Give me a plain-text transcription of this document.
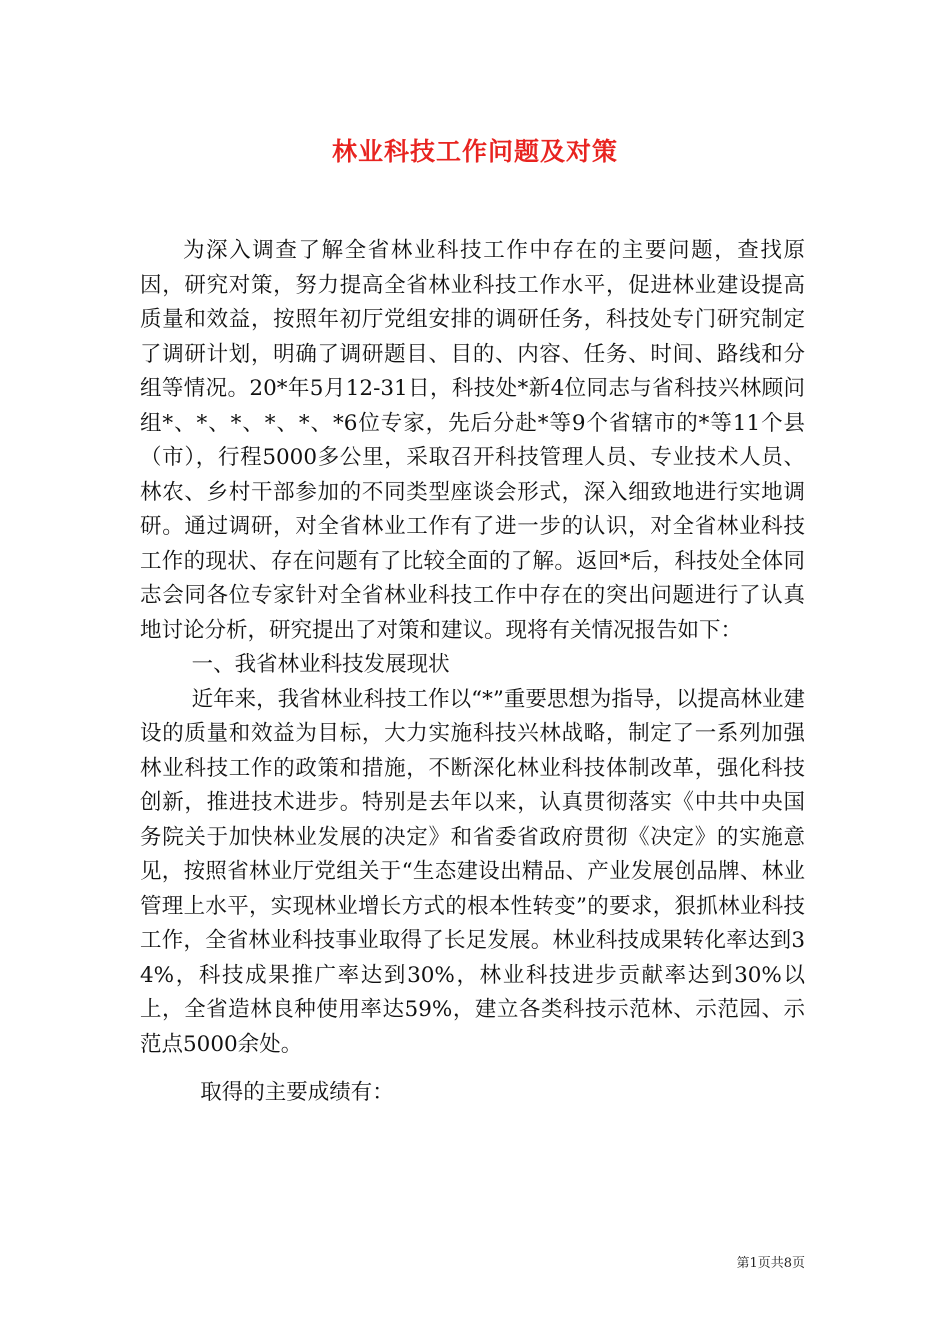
林业科技工作问题及对策

为深入调查了解全省林业科技工作中存在的主要问题，查找原因，研究对策，努力提高全省林业科技工作水平，促进林业建设提高质量和效益，按照年初厅党组安排的调研任务，科技处专门研究制定了调研计划，明确了调研题目、目的、内容、任务、时间、路线和分组等情况。20*年5月12-31日，科技处*新4位同志与省科技兴林顾问组*、*、*、*、*、*6位专家，先后分赴*等9个省辖市的*等11个县（市），行程5000多公里，采取召开科技管理人员、专业技术人员、林农、乡村干部参加的不同类型座谈会形式，深入细致地进行实地调研。通过调研，对全省林业工作有了进一步的认识，对全省林业科技工作的现状、存在问题有了比较全面的了解。返回*后，科技处全体同志会同各位专家针对全省林业科技工作中存在的突出问题进行了认真地讨论分析，研究提出了对策和建议。现将有关情况报告如下：

一、我省林业科技发展现状

近年来，我省林业科技工作以“*”重要思想为指导，以提高林业建设的质量和效益为目标，大力实施科技兴林战略，制定了一系列加强林业科技工作的政策和措施，不断深化林业科技体制改革，强化科技创新，推进技术进步。特别是去年以来，认真贯彻落实《中共中央国务院关于加快林业发展的决定》和省委省政府贯彻《决定》的实施意见，按照省林业厅党组关于“生态建设出精品、产业发展创品牌、林业管理上水平，实现林业增长方式的根本性转变”的要求，狠抓林业科技工作，全省林业科技事业取得了长足发展。林业科技成果转化率达到34%，科技成果推广率达到30%，林业科技进步贡献率达到30%以上，全省造林良种使用率达59%，建立各类科技示范林、示范园、示范点5000余处。

取得的主要成绩有：

第1页共8页
